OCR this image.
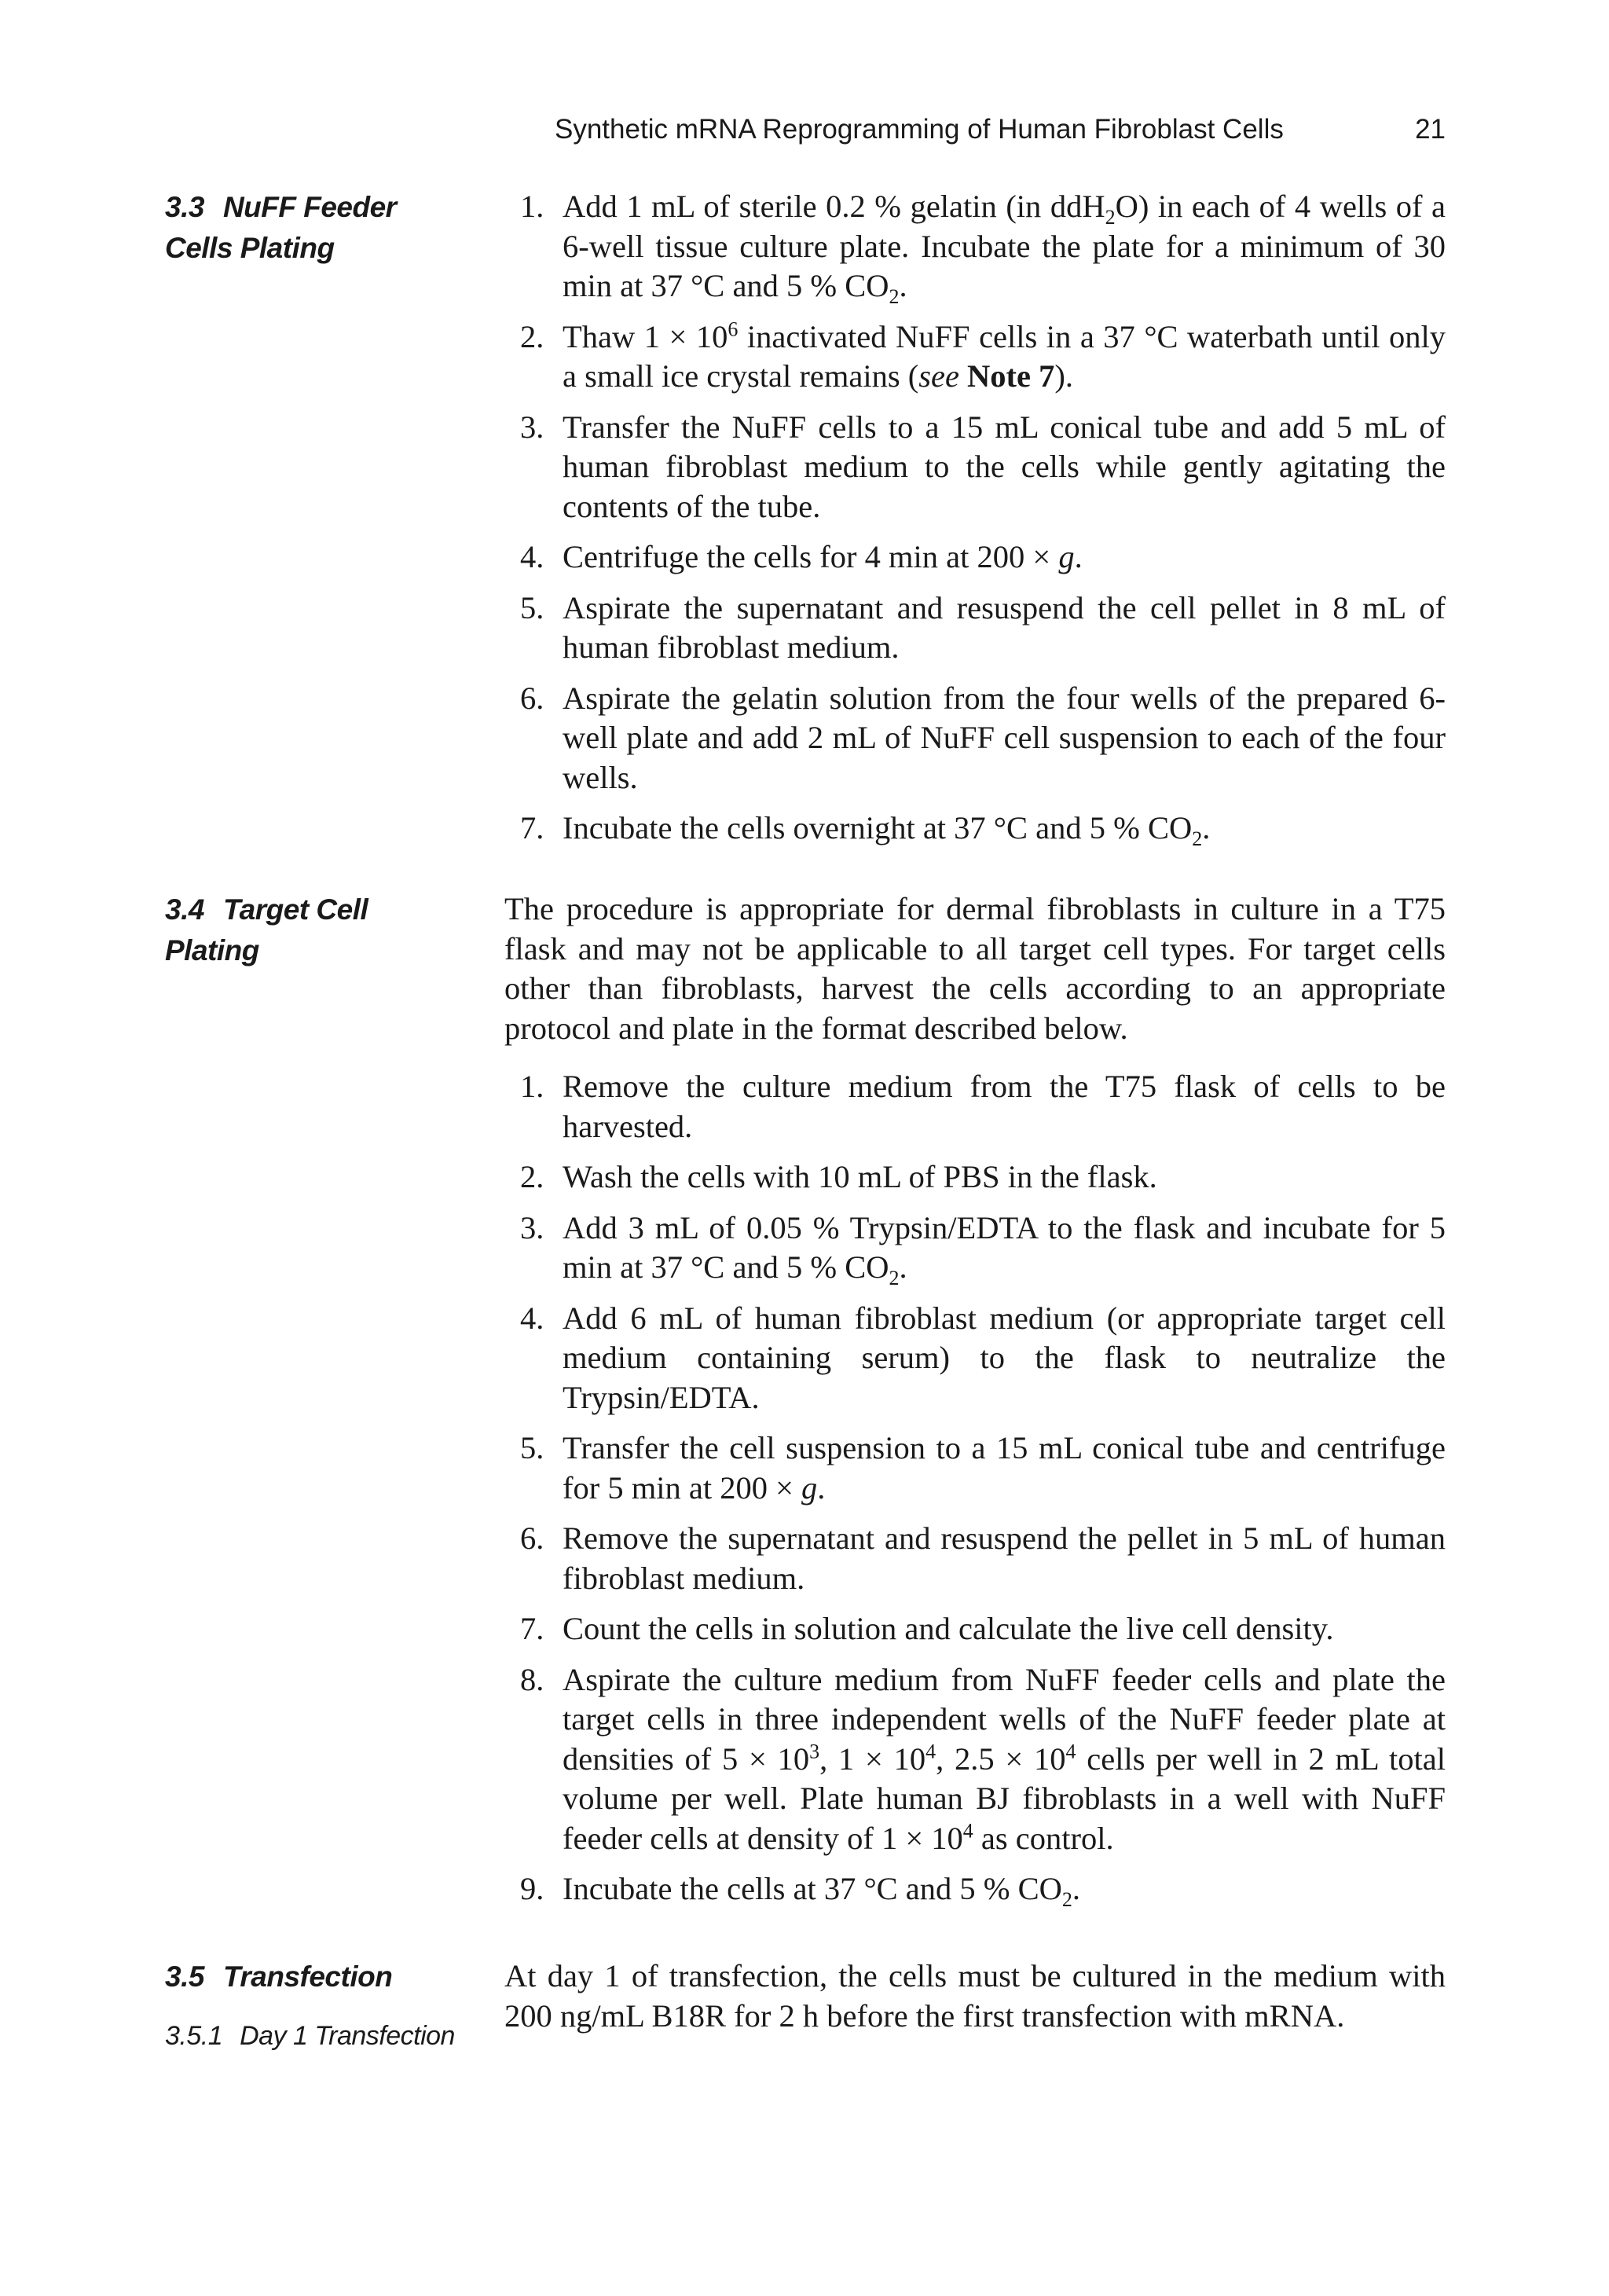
Synthetic mRNA Reprogramming of Human Fibroblast Cells	21
3.3 NuFF Feeder
Cells Plating
1. Add 1 mL of sterile 0.2 % gelatin (in ddH$_2$O) in each of 4 wells of a 6-well tissue culture plate. Incubate the plate for a minimum of 30 min at 37 °C and 5 % $CO_2$.
2. Thaw $1 \times 10^6$ inactivated NuFF cells in a 37 °C waterbath until only a small ice crystal remains (see Note 7).
3. Transfer the NuFF cells to a 15 mL conical tube and add 5 mL of human fibroblast medium to the cells while gently agitating the contents of the tube.
4. Centrifuge the cells for 4 min at 200 × g.
5. Aspirate the supernatant and resuspend the cell pellet in 8 mL of human fibroblast medium.
6. Aspirate the gelatin solution from the four wells of the prepared 6-well plate and add 2 mL of NuFF cell suspension to each of the four wells.
7. Incubate the cells overnight at 37 °C and 5 % $CO_2$.
3.4 Target Cell
Plating

The procedure is appropriate for dermal fibroblasts in culture in a T75 flask and may not be applicable to all target cell types. For target cells other than fibroblasts, harvest the cells according to an appropriate protocol and plate in the format described below.

1. Remove the culture medium from the T75 flask of cells to be harvested.
2. Wash the cells with 10 mL of PBS in the flask.
3. Add 3 mL of 0.05 % Trypsin/EDTA to the flask and incubate for 5 min at 37 °C and 5 % $CO_2$.
4. Add 6 mL of human fibroblast medium (or appropriate target cell medium containing serum) to the flask to neutralize the Trypsin/EDTA.
5. Transfer the cell suspension to a 15 mL conical tube and centrifuge for 5 min at 200 × g.
6. Remove the supernatant and resuspend the pellet in 5 mL of human fibroblast medium.
7. Count the cells in solution and calculate the live cell density.
8. Aspirate the culture medium from NuFF feeder cells and plate the target cells in three independent wells of the NuFF feeder plate at densities of $5 \times 10^3$, $1 \times 10^4$, $2.5 \times 10^4$ cells per well in 2 mL total volume per well. Plate human BJ fibroblasts in a well with NuFF feeder cells at density of $1 \times 10^4$ as control.
9. Incubate the cells at 37 °C and 5 % $CO_2$.
3.5 Transfection
3.5.1 Day 1 Transfection

At day 1 of transfection, the cells must be cultured in the medium with 200 ng/mL B18R for 2 h before the first transfection with mRNA.
